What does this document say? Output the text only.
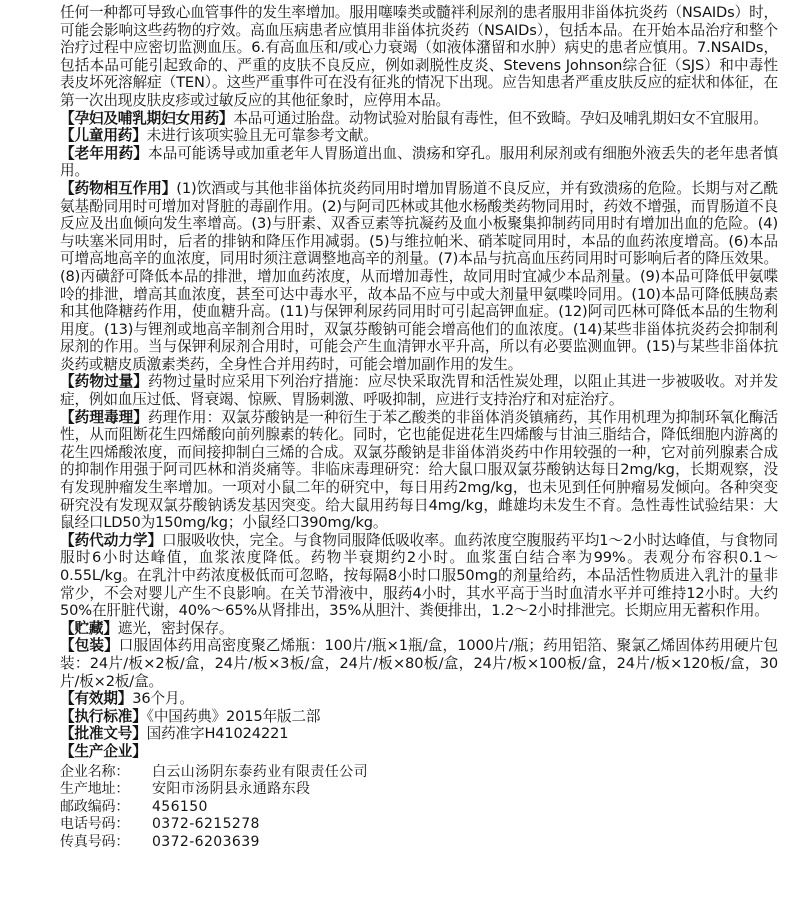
任何一种都可导致心血管事件的发生率增加。服用噻嗪类或髓袢利尿剂的患者服用非甾体抗炎药（NSAIDs）时，可能会影响这些药物的疗效。高血压病患者应慎用非甾体抗炎药（NSAIDs），包括本品。在开始本品治疗和整个治疗过程中应密切监测血压。6.有高血压和/或心力衰竭（如液体潴留和水肿）病史的患者应慎用。7.NSAIDs，包括本品可能引起致命的、严重的皮肤不良反应，例如剥脱性皮炎、Stevens Johnson综合征（SJS）和中毒性表皮坏死溶解症（TEN）。这些严重事件可在没有征兆的情况下出现。应告知患者严重皮肤反应的症状和体征，在第一次出现皮肤皮疹或过敏反应的其他征象时，应停用本品。

【孕妇及哺乳期妇女用药】本品可通过胎盘。动物试验对胎鼠有毒性，但不致畸。孕妇及哺乳期妇女不宜服用。

【儿童用药】未进行该项实验且无可靠参考文献。

【老年用药】本品可能诱导或加重老年人胃肠道出血、溃疡和穿孔。服用利尿剂或有细胞外液丢失的老年患者慎用。

【药物相互作用】(1)饮酒或与其他非甾体抗炎药同用时增加胃肠道不良反应，并有致溃疡的危险。长期与对乙酰氨基酚同用时可增加对肾脏的毒副作用。(2)与阿司匹林或其他水杨酸类药物同用时，药效不增强，而胃肠道不良反应及出血倾向发生率增高。(3)与肝素、双香豆素等抗凝药及血小板聚集抑制药同用时有增加出血的危险。(4)与呋塞米同用时，后者的排钠和降压作用减弱。(5)与维拉帕米、硝苯啶同用时，本品的血药浓度增高。(6)本品可增高地高辛的血浓度，同用时须注意调整地高辛的剂量。(7)本品与抗高血压药同用时可影响后者的降压效果。(8)丙磺舒可降低本品的排泄，增加血药浓度，从而增加毒性，故同用时宜减少本品剂量。(9)本品可降低甲氨喋呤的排泄，增高其血浓度，甚至可达中毒水平，故本品不应与中或大剂量甲氨喋呤同用。(10)本品可降低胰岛素和其他降糖药作用，使血糖升高。(11)与保钾利尿药同用时可引起高钾血症。(12)阿司匹林可降低本品的生物利用度。(13)与锂剂或地高辛制剂合用时，双氯芬酸钠可能会增高他们的血浓度。(14)某些非甾体抗炎药会抑制利尿剂的作用。当与保钾利尿剂合用时，可能会产生血清钾水平升高，所以有必要监测血钾。(15)与某些非甾体抗炎药或糖皮质激素类药，全身性合并用药时，可能会增加副作用的发生。

【药物过量】药物过量时应采用下列治疗措施：应尽快采取洗胃和活性炭处理，以阻止其进一步被吸收。对并发症，例如血压过低、肾衰竭、惊厥、胃肠刺激、呼吸抑制，应进行支持治疗和对症治疗。

【药理毒理】药理作用：双氯芬酸钠是一种衍生于苯乙酸类的非甾体消炎镇痛药，其作用机理为抑制环氧化酶活性，从而阻断花生四烯酸向前列腺素的转化。同时，它也能促进花生四烯酸与甘油三脂结合，降低细胞内游离的花生四烯酸浓度，而间接抑制白三烯的合成。双氯芬酸钠是非甾体消炎药中作用较强的一种，它对前列腺素合成的抑制作用强于阿司匹林和消炎痛等。非临床毒理研究：给大鼠口服双氯芬酸钠达每日2mg/kg，长期观察，没有发现肿瘤发生率增加。一项对小鼠二年的研究中，每日用药2mg/kg，也未见到任何肿瘤易发倾向。各种突变研究没有发现双氯芬酸钠诱发基因突变。给大鼠用药每日4mg/kg，雌雄均未发生不育。急性毒性试验结果：大鼠经口LD50为150mg/kg；小鼠经口390mg/kg。

【药代动力学】口服吸收快，完全。与食物同服降低吸收率。血药浓度空腹服药平均1～2小时达峰值，与食物同服时6小时达峰值，血浆浓度降低。药物半衰期约2小时。血浆蛋白结合率为99%。表观分布容积0.1～0.55L/kg。在乳汁中药浓度极低而可忽略，按每隔8小时口服50mg的剂量给药，本品活性物质进入乳汁的量非常少，不会对婴儿产生不良影响。在关节滑液中，服药4小时，其水平高于当时血清水平并可维持12小时。大约50%在肝脏代谢，40%～65%从肾排出，35%从胆汁、粪便排出，1.2～2小时排泄完。长期应用无蓄积作用。

【贮藏】遮光，密封保存。

【包装】口服固体药用高密度聚乙烯瓶：100片/瓶×1瓶/盒，1000片/瓶；药用铝箔、聚氯乙烯固体药用硬片包装：24片/板×2板/盒，24片/板×3板/盒，24片/板×80板/盒，24片/板×100板/盒，24片/板×120板/盒，30片/板×2板/盒。

【有效期】36个月。

【执行标准】《中国药典》2015年版二部

【批准文号】国药准字H41024221

【生产企业】

企业名称：	白云山汤阴东泰药业有限责任公司
生产地址：	安阳市汤阴县永通路东段
邮政编码：	456150
电话号码：	0372-6215278
传真号码：	0372-6203639
